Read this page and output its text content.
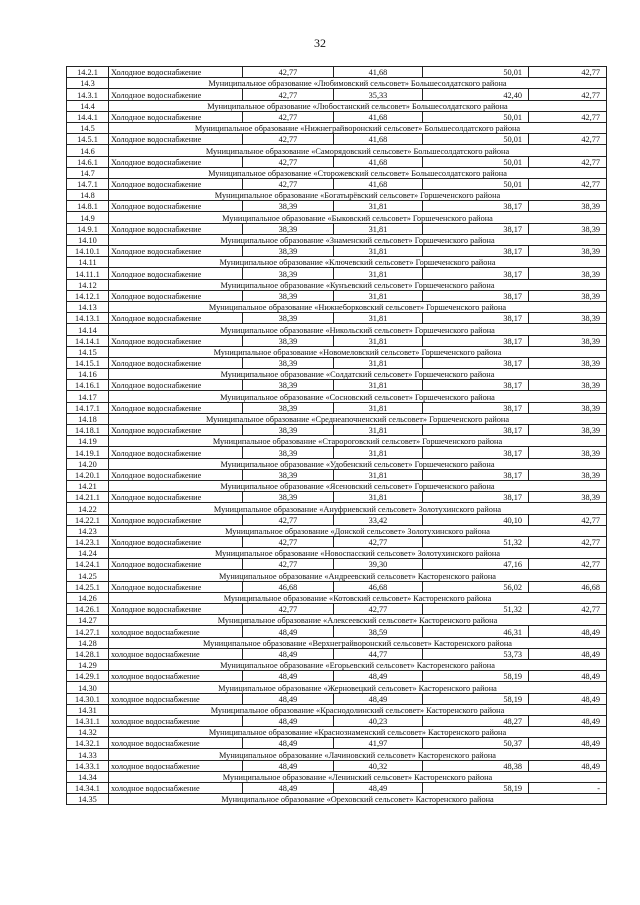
32
14.2.1	Холодное водоснабжение	42,77	41,68	50,01	42,77
14.3	Муниципальное образование «Любимовский сельсовет» Большесолдатского района				
14.3.1	Холодное водоснабжение	42,77	35,33	42,40	42,77
14.4	Муниципальное образование «Любостанский сельсовет» Большесолдатского района				
14.4.1	Холодное водоснабжение	42,77	41,68	50,01	42,77
14.5	Муниципальное образование «Нижнеграйворонский сельсовет» Большесолдатского района				
14.5.1	Холодное водоснабжение	42,77	41,68	50,01	42,77
14.6	Муниципальное образование «Саморядовский сельсовет» Большесолдатского района				
14.6.1	Холодное водоснабжение	42,77	41,68	50,01	42,77
14.7	Муниципальное образование «Сторожевский сельсовет» Большесолдатского района				
14.7.1	Холодное водоснабжение	42,77	41,68	50,01	42,77
14.8	Муниципальное образование «Богатырёвский сельсовет» Горшеченского района				
14.8.1	Холодное водоснабжение	38,39	31,81	38,17	38,39
14.9	Муниципальное образование «Быковский сельсовет» Горшеченского района				
14.9.1	Холодное водоснабжение	38,39	31,81	38,17	38,39
14.10	Муниципальное образование «Знаменский сельсовет» Горшеченского района				
14.10.1	Холодное водоснабжение	38,39	31,81	38,17	38,39
14.11	Муниципальное образование «Ключевский сельсовет» Горшеченского района				
14.11.1	Холодное водоснабжение	38,39	31,81	38,17	38,39
14.12	Муниципальное образование «Кунъевский сельсовет» Горшеченского района				
14.12.1	Холодное водоснабжение	38,39	31,81	38,17	38,39
14.13	Муниципальное образование «Нижнеборковский сельсовет» Горшеченского района				
14.13.1	Холодное водоснабжение	38,39	31,81	38,17	38,39
14.14	Муниципальное образование «Никольский сельсовет» Горшеченского района				
14.14.1	Холодное водоснабжение	38,39	31,81	38,17	38,39
14.15	Муниципальное образование «Новомеловский сельсовет» Горшеченского района				
14.15.1	Холодное водоснабжение	38,39	31,81	38,17	38,39
14.16	Муниципальное образование «Солдатский сельсовет» Горшеченского района				
14.16.1	Холодное водоснабжение	38,39	31,81	38,17	38,39
14.17	Муниципальное образование «Сосновский сельсовет» Горшеченского района				
14.17.1	Холодное водоснабжение	38,39	31,81	38,17	38,39
14.18	Муниципальное образование «Среднеапочненский сельсовет» Горшеченского района				
14.18.1	Холодное водоснабжение	38,39	31,81	38,17	38,39
14.19	Муниципальное образование «Старороговский сельсовет» Горшеченского района				
14.19.1	Холодное водоснабжение	38,39	31,81	38,17	38,39
14.20	Муниципальное образование «Удобенский сельсовет» Горшеченского района				
14.20.1	Холодное водоснабжение	38,39	31,81	38,17	38,39
14.21	Муниципальное образование «Ясеновский сельсовет» Горшеченского района				
14.21.1	Холодное водоснабжение	38,39	31,81	38,17	38,39
14.22	Муниципальное образование «Ануфриевский сельсовет» Золотухинского района				
14.22.1	Холодное водоснабжение	42,77	33,42	40,10	42,77
14.23	Муниципальное образование «Донской сельсовет» Золотухинского района				
14.23.1	Холодное водоснабжение	42,77	42,77	51,32	42,77
14.24	Муниципальное образование «Новоспасский сельсовет» Золотухинского района				
14.24.1	Холодное водоснабжение	42,77	39,30	47,16	42,77
14.25	Муниципальное образование «Андреевский сельсовет» Касторенского района				
14.25.1	Холодное водоснабжение	46,68	46,68	56,02	46,68
14.26	Муниципальное образование «Котовский сельсовет» Касторенского района				
14.26.1	Холодное водоснабжение	42,77	42,77	51,32	42,77
14.27	Муниципальное образование «Алексеевский сельсовет» Касторенского района				
14.27.1	холодное водоснабжение	48,49	38,59	46,31	48,49
14.28	Муниципальное образование «Верхнеграйворонский сельсовет» Касторенского района				
14.28.1	холодное водоснабжение	48,49	44,77	53,73	48,49
14.29	Муниципальное образование «Егорьевский сельсовет» Касторенского района				
14.29.1	холодное водоснабжение	48,49	48,49	58,19	48,49
14.30	Муниципальное образование «Жерновецкий сельсовет» Касторенского района				
14.30.1	холодное водоснабжение	48,49	48,49	58,19	48,49
14.31	Муниципальное образование «Краснодолинский сельсовет» Касторенского района				
14.31.1	холодное водоснабжение	48,49	40,23	48,27	48,49
14.32	Муниципальное образование «Краснознаменский сельсовет» Касторенского района				
14.32.1	холодное водоснабжение	48,49	41,97	50,37	48,49
14.33	Муниципальное образование «Лачиновский сельсовет» Касторенского района				
14.33.1	холодное водоснабжение	48,49	40,32	48,38	48,49
14.34	Муниципальное образование «Ленинский сельсовет» Касторенского района				
14.34.1	холодное водоснабжение	48,49	48,49	58,19	-
14.35	Муниципальное образование «Ореховский сельсовет» Касторенского района				
